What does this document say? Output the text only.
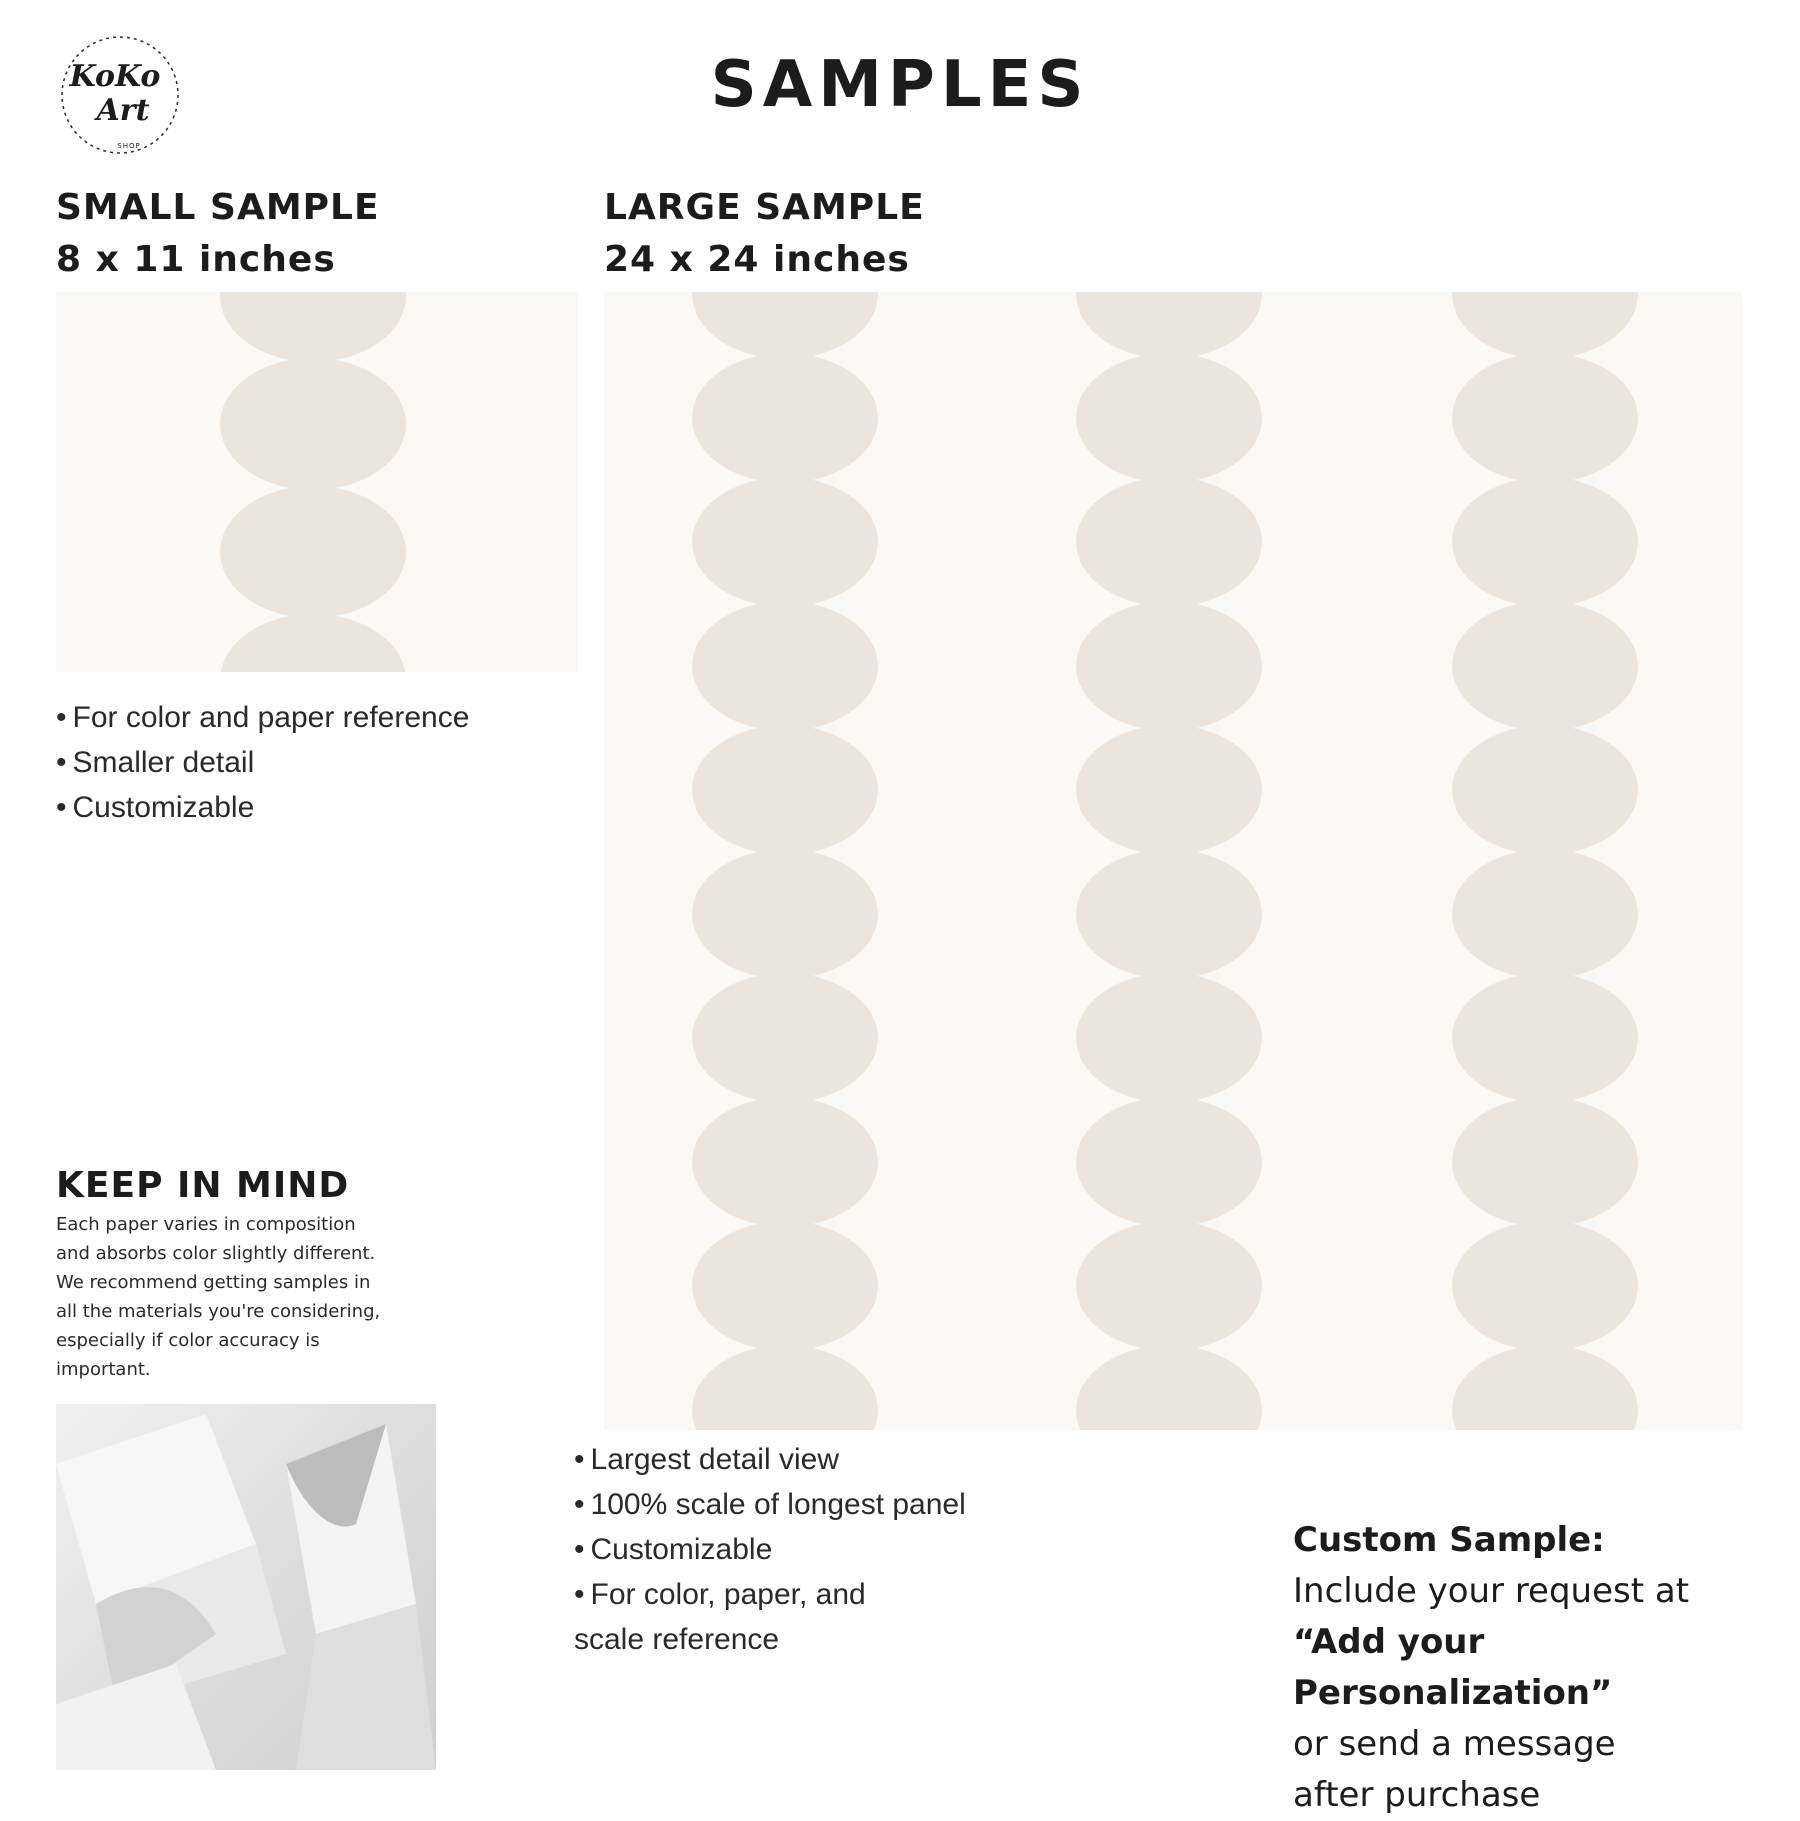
KoKo
Art
SHOP
SAMPLES

SMALL SAMPLE

8 x 11 inches

LARGE SAMPLE

24 x 24 inches

• For color and paper reference
• Smaller detail
• Customizable
• Largest detail view
• 100% scale of longest panel
• Customizable
• For color, paper, and
scale reference

KEEP IN MIND

Each paper varies in composition
and absorbs color slightly different.
We recommend getting samples in
all the materials you're considering,
especially if color accuracy is
important.
Custom Sample:
Include your request at
“Add your Personalization”
or send a message
after purchase
